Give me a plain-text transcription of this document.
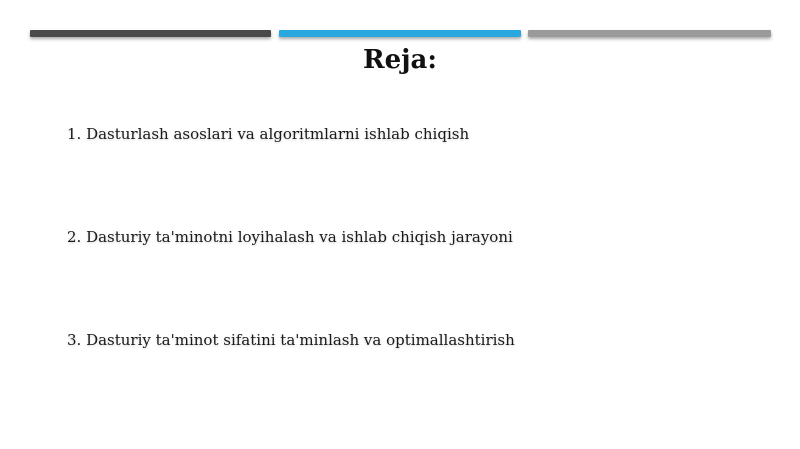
Reja:
1. Dasturlash asoslari va algoritmlarni ishlab chiqish
2. Dasturiy ta'minotni loyihalash va ishlab chiqish jarayoni
3. Dasturiy ta'minot sifatini ta'minlash va optimallashtirish
